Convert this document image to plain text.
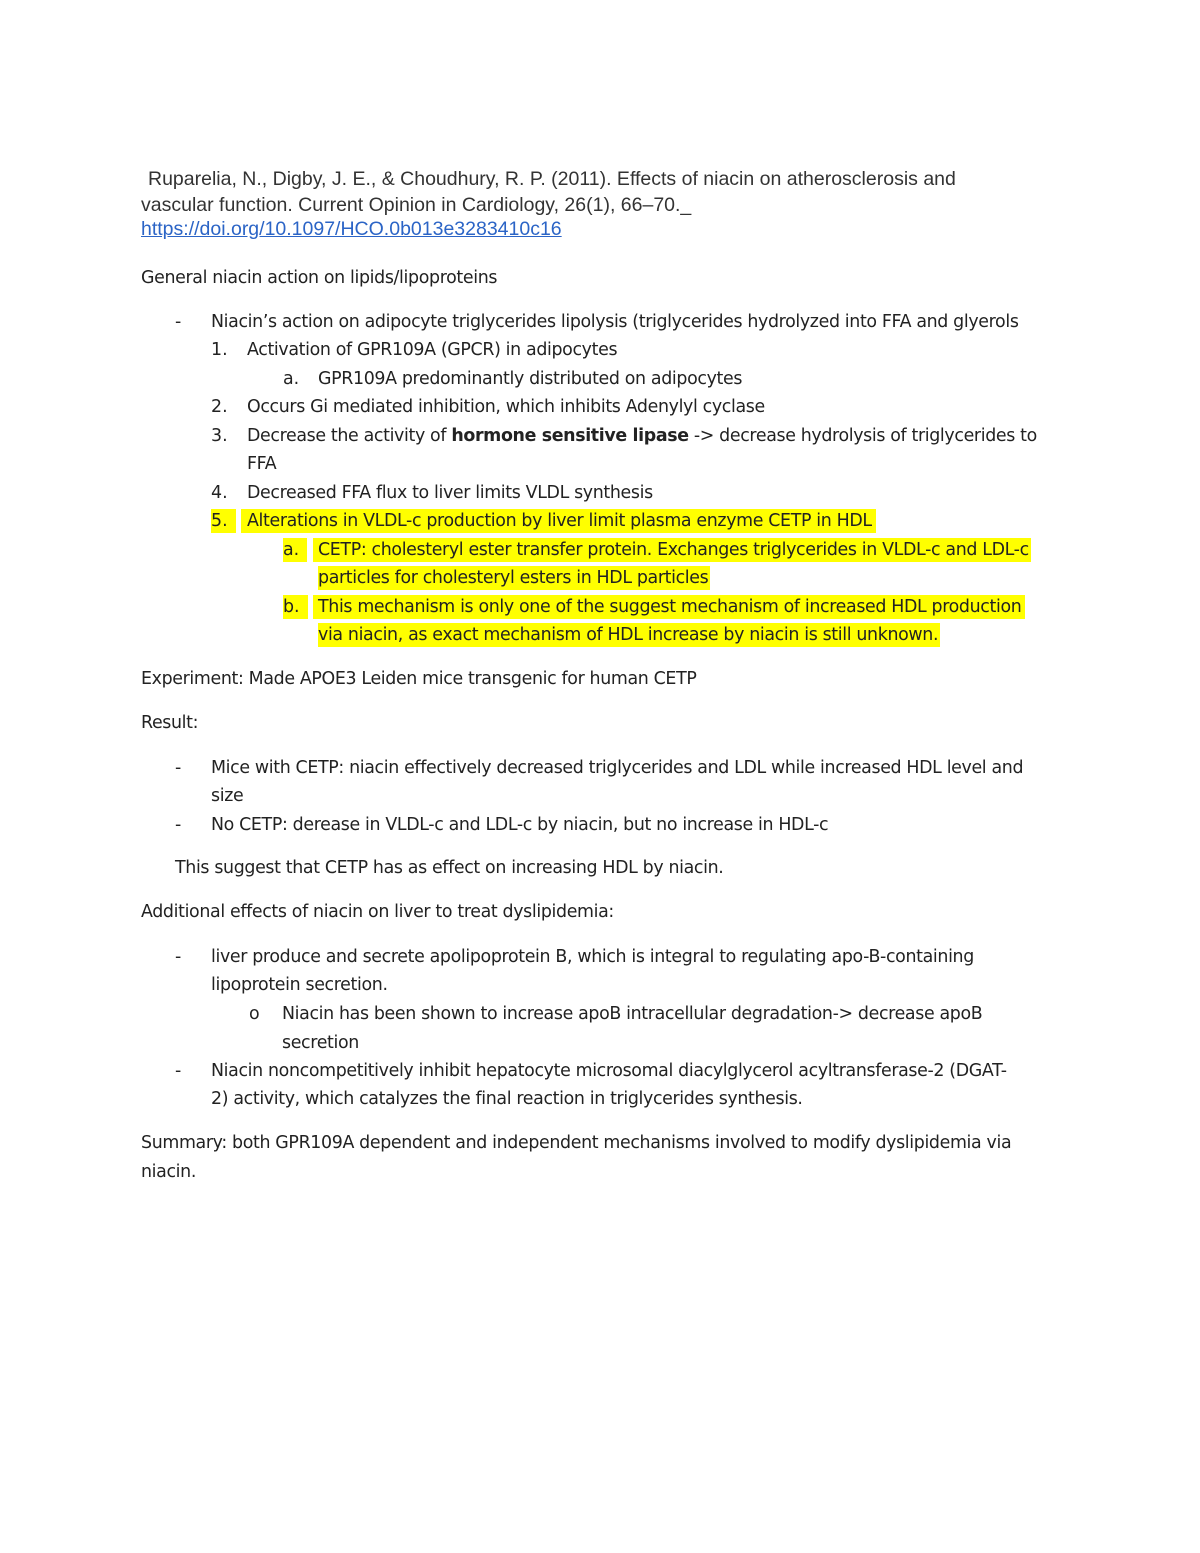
Ruparelia, N., Digby, J. E., & Choudhury, R. P. (2011). Effects of niacin on atherosclerosis and
vascular function. Current Opinion in Cardiology, 26(1), 66–70._
https://doi.org/10.1097/HCO.0b013e3283410c16
General niacin action on lipids/lipoproteins
- Niacin’s action on adipocyte triglycerides lipolysis (triglycerides hydrolyzed into FFA and glyerols
1. Activation of GPR109A (GPCR) in adipocytes
a. GPR109A predominantly distributed on adipocytes
2. Occurs Gi mediated inhibition, which inhibits Adenylyl cyclase
3. Decrease the activity of hormone sensitive lipase -> decrease hydrolysis of triglycerides to
FFA
4. Decreased FFA flux to liver limits VLDL synthesis
5.	Alterations in VLDL-c production by liver limit plasma enzyme CETP in HDL
a.	CETP: cholesteryl ester transfer protein. Exchanges triglycerides in VLDL-c and LDL-c
particles for cholesteryl esters in HDL particles
b.	This mechanism is only one of the suggest mechanism of increased HDL production
via niacin, as exact mechanism of HDL increase by niacin is still unknown.
Experiment: Made APOE3 Leiden mice transgenic for human CETP
Result:
- Mice with CETP: niacin effectively decreased triglycerides and LDL while increased HDL level and
size
- No CETP: derease in VLDL-c and LDL-c by niacin, but no increase in HDL-c
This suggest that CETP has as effect on increasing HDL by niacin.
Additional effects of niacin on liver to treat dyslipidemia:
- liver produce and secrete apolipoprotein B, which is integral to regulating apo-B-containing
lipoprotein secretion.
o Niacin has been shown to increase apoB intracellular degradation-> decrease apoB
secretion
- Niacin noncompetitively inhibit hepatocyte microsomal diacylglycerol acyltransferase-2 (DGAT-
2) activity, which catalyzes the final reaction in triglycerides synthesis.
Summary: both GPR109A dependent and independent mechanisms involved to modify dyslipidemia via
niacin.
